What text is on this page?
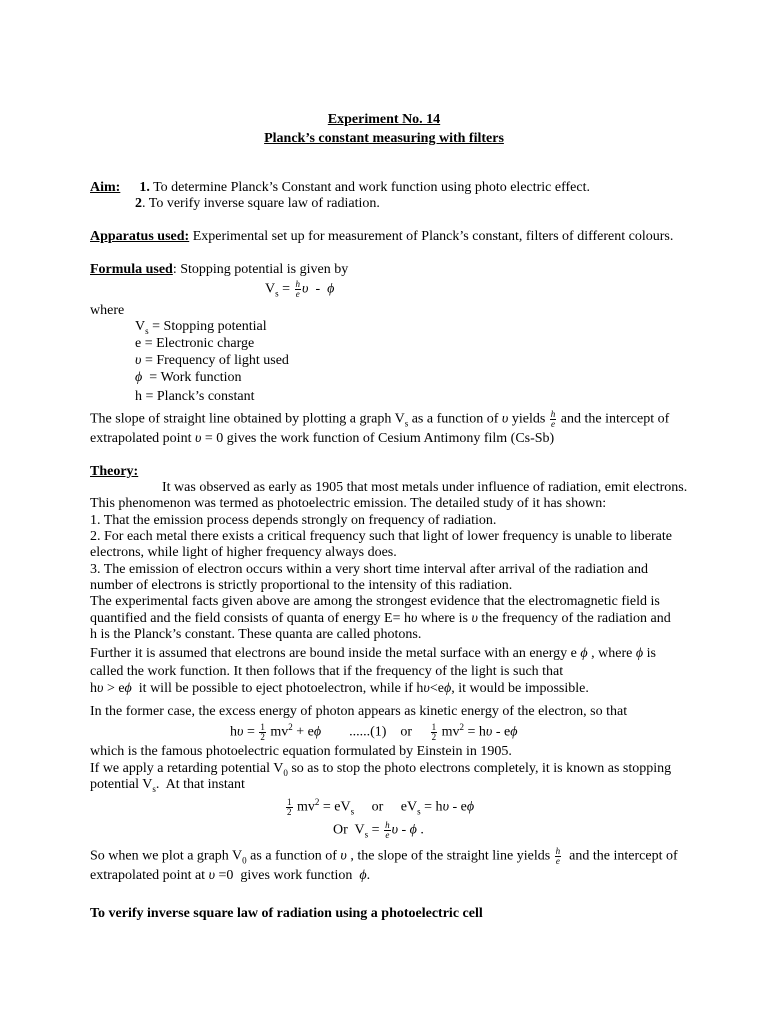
Experiment No. 14
Planck’s constant measuring with filters
Aim: 1. To determine Planck’s Constant and work function using photo electric effect.
2. To verify inverse square law of radiation.
Apparatus used: Experimental set up for measurement of Planck’s constant, filters of different colours.
Formula used: Stopping potential is given by
$V_s = \frac{h}{e}$ υ  -  ϕ
where
$V_s$ = Stopping potential
e = Electronic charge
υ = Frequency of light used
ϕ  = Work function
h = Planck’s constant
The slope of straight line obtained by plotting a graph $V_s$ as a function of υ yields $\frac{h}{e}$ and the intercept of
extrapolated point υ = 0 gives the work function of Cesium Antimony film (Cs-Sb)
Theory:
It was observed as early as 1905 that most metals under influence of radiation, emit electrons.
This phenomenon was termed as photoelectric emission. The detailed study of it has shown:
1. That the emission process depends strongly on frequency of radiation.
2. For each metal there exists a critical frequency such that light of lower frequency is unable to liberate
electrons, while light of higher frequency always does.
3. The emission of electron occurs within a very short time interval after arrival of the radiation and
number of electrons is strictly proportional to the intensity of this radiation.
The experimental facts given above are among the strongest evidence that the electromagnetic field is
quantified and the field consists of quanta of energy E= hυ where is υ the frequency of the radiation and
h is the Planck’s constant. These quanta are called photons.
Further it is assumed that electrons are bound inside the metal surface with an energy e ϕ , where ϕ is
called the work function. It then follows that if the frequency of the light is such that
hυ > eϕ  it will be possible to eject photoelectron, while if hυ<eϕ, it would be impossible.
In the former case, the excess energy of photon appears as kinetic energy of the electron, so that
$h\upsilon = \frac{1}{2} mv^2 + e\phi$        ......(1)    or $\frac{1}{2} mv^2 = h\upsilon - e\phi$
which is the famous photoelectric equation formulated by Einstein in 1905.
If we apply a retarding potential $V_0$ so as to stop the photo electrons completely, it is known as stopping
potential $V_s$.  At that instant
$\frac{1}{2} mv^2 = eV_s$     or     $eV_s = h\upsilon - e\phi$
Or  $V_s = \frac{h}{e}$ υ - ϕ .
So when we plot a graph $V_0$ as a function of υ , the slope of the straight line yields $\frac{h}{e}$ and the intercept of
extrapolated point at υ =0  gives work function  ϕ.
To verify inverse square law of radiation using a photoelectric cell
